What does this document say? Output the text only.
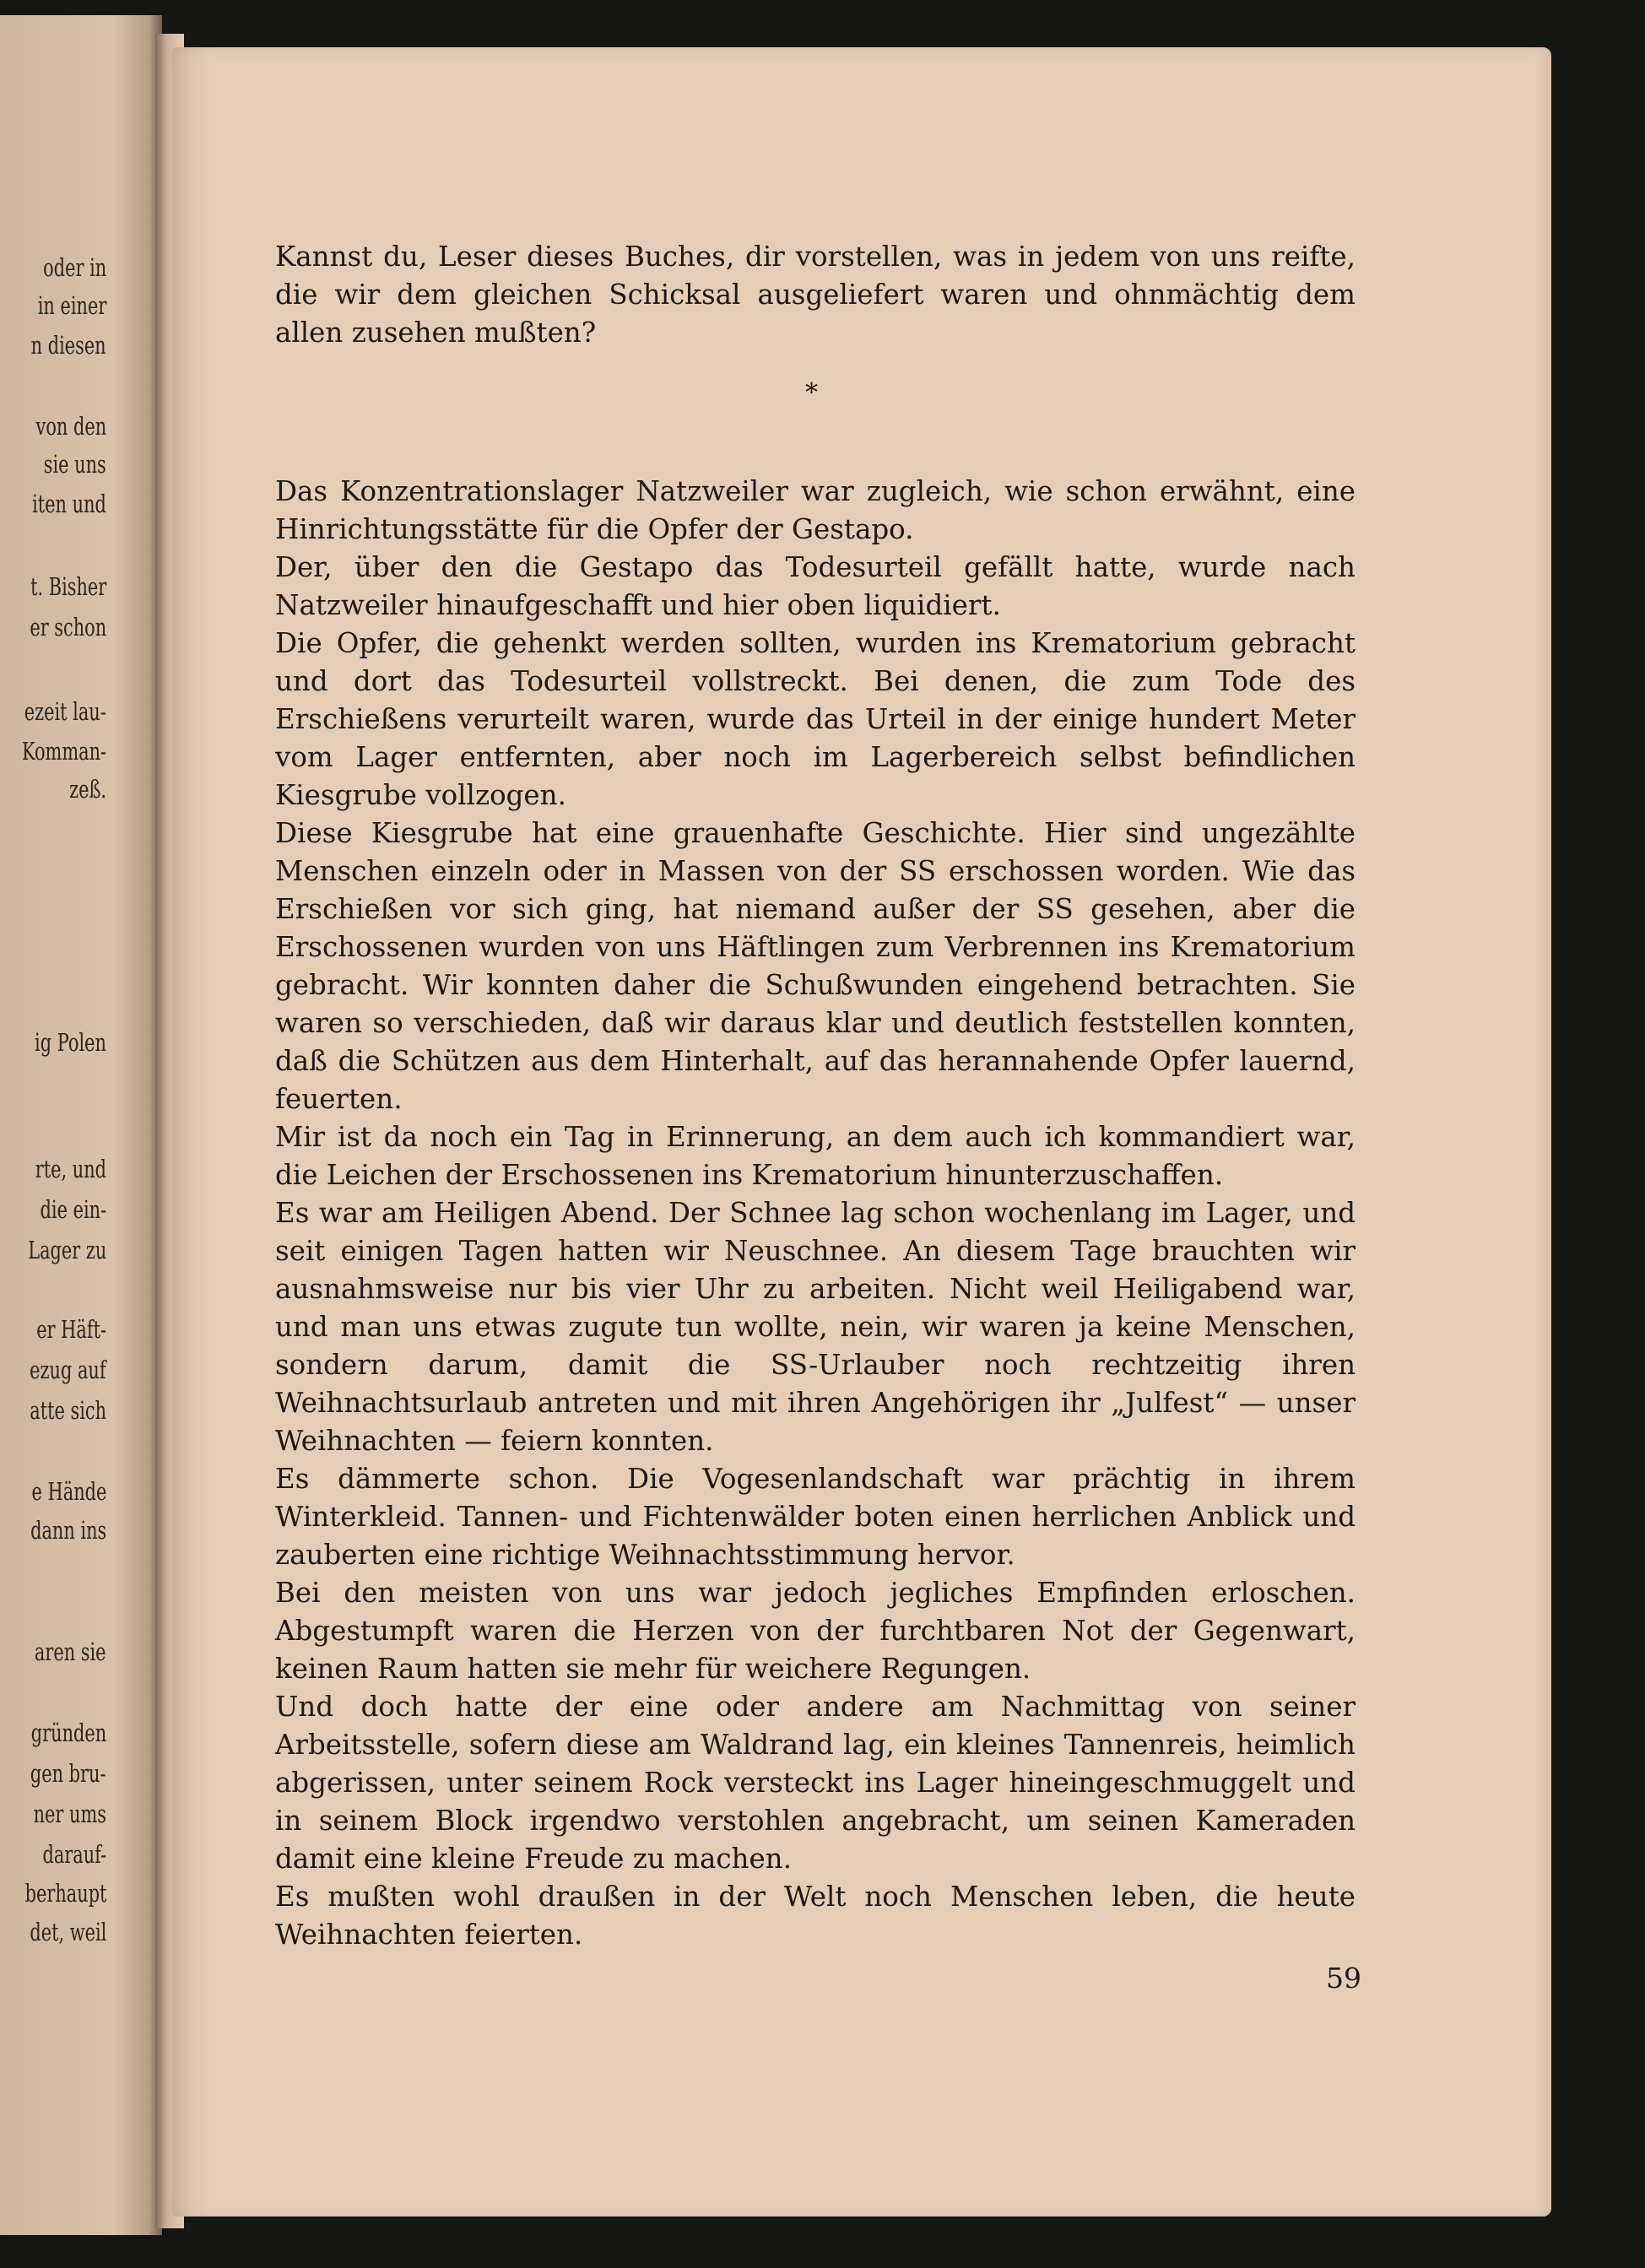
oder in
in einer
n diesen
von den
sie uns
iten und
t. Bisher
er schon
ezeit lau-
Komman-
zeß.
ig Polen
rte, und
die ein-
Lager zu
er Häft-
ezug auf
atte sich
e Hände
dann ins
aren sie
gründen
gen bru-
ner ums
darauf-
berhaupt
det, weil

Kannst du, Leser dieses Buches, dir vorstellen, was in jedem von uns reifte, die wir dem gleichen Schicksal ausgeliefert waren und ohnmächtig dem allen zusehen mußten?

*

Das Konzentrationslager Natzweiler war zugleich, wie schon erwähnt, eine Hinrichtungsstätte für die Opfer der Gestapo.

Der, über den die Gestapo das Todesurteil gefällt hatte, wurde nach Natzweiler hinaufgeschafft und hier oben liquidiert.

Die Opfer, die gehenkt werden sollten, wurden ins Krematorium gebracht und dort das Todesurteil vollstreckt. Bei denen, die zum Tode des Erschießens verurteilt waren, wurde das Urteil in der einige hundert Meter vom Lager entfernten, aber noch im Lagerbereich selbst befindlichen Kiesgrube vollzogen.

Diese Kiesgrube hat eine grauenhafte Geschichte. Hier sind ungezählte Menschen einzeln oder in Massen von der SS erschossen worden. Wie das Erschießen vor sich ging, hat niemand außer der SS gesehen, aber die Erschossenen wurden von uns Häftlingen zum Verbrennen ins Krematorium gebracht. Wir konnten daher die Schußwunden eingehend betrachten. Sie waren so verschieden, daß wir daraus klar und deutlich feststellen konnten, daß die Schützen aus dem Hinterhalt, auf das herannahende Opfer lauernd, feuerten.

Mir ist da noch ein Tag in Erinnerung, an dem auch ich kommandiert war, die Leichen der Erschossenen ins Krematorium hinunterzuschaffen.

Es war am Heiligen Abend. Der Schnee lag schon wochenlang im Lager, und seit einigen Tagen hatten wir Neuschnee. An diesem Tage brauchten wir ausnahmsweise nur bis vier Uhr zu arbeiten. Nicht weil Heiligabend war, und man uns etwas zugute tun wollte, nein, wir waren ja keine Menschen, sondern darum, damit die SS-Urlauber noch rechtzeitig ihren Weihnachtsurlaub antreten und mit ihren Angehörigen ihr „Julfest“ — unser Weihnachten — feiern konnten.

Es dämmerte schon. Die Vogesenlandschaft war prächtig in ihrem Winterkleid. Tannen- und Fichtenwälder boten einen herrlichen Anblick und zauberten eine richtige Weihnachtsstimmung hervor.

Bei den meisten von uns war jedoch jegliches Empfinden erloschen. Abgestumpft waren die Herzen von der furchtbaren Not der Gegenwart, keinen Raum hatten sie mehr für weichere Regungen.

Und doch hatte der eine oder andere am Nachmittag von seiner Arbeitsstelle, sofern diese am Waldrand lag, ein kleines Tannenreis, heimlich abgerissen, unter seinem Rock versteckt ins Lager hineingeschmuggelt und in seinem Block irgendwo verstohlen angebracht, um seinen Kameraden damit eine kleine Freude zu machen.

Es mußten wohl draußen in der Welt noch Menschen leben, die heute Weihnachten feierten.

59
